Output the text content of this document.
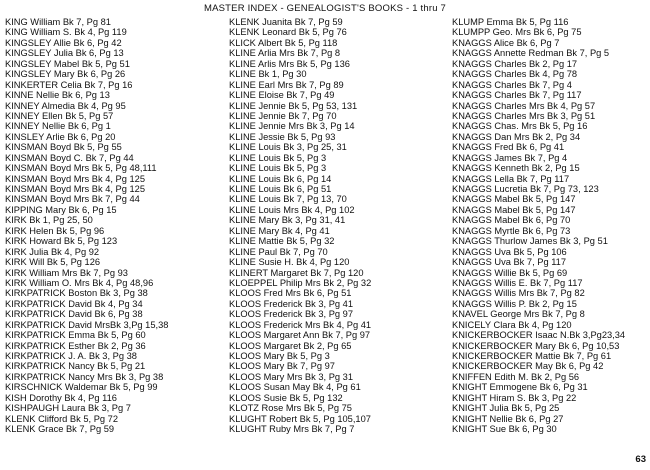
MASTER INDEX - GENEALOGIST'S BOOKS - 1 thru 7
KING William Bk 7, Pg 81
KING William S. Bk 4, Pg 119
KINGSLEY Allie Bk 6, Pg 42
KINGSLEY Julia Bk 6, Pg 13
KINGSLEY Mabel Bk 5, Pg 51
KINGSLEY Mary Bk 6, Pg 26
KINKERTER Celia Bk 7, Pg 16
KINNE Nellie Bk 6, Pg 13
KINNEY Almedia Bk 4, Pg 95
KINNEY Ellen Bk 5, Pg 57
KINNEY Nellie Bk 6, Pg 1
KINSLEY Arlie Bk 6, Pg 20
KINSMAN Boyd Bk 5, Pg 55
KINSMAN Boyd C. Bk 7, Pg 44
KINSMAN Boyd Mrs Bk 5, Pg 48,111
KINSMAN Boyd Mrs Bk 4, Pg 125
KINSMAN Boyd Mrs Bk 4, Pg 125
KINSMAN Boyd Mrs Bk 7, Pg 44
KIPPING Mary Bk 6, Pg 15
KIRK Bk 1, Pg 25, 50
KIRK Helen Bk 5, Pg 96
KIRK Howard Bk 5, Pg 123
KIRK Julia Bk 4, Pg 92
KIRK Will Bk 5, Pg 126
KIRK William Mrs Bk 7, Pg 93
KIRK William O. Mrs Bk 4, Pg 48,96
KIRKPATRICK Boston Bk 3, Pg 38
KIRKPATRICK David Bk 4, Pg 34
KIRKPATRICK David Bk 6, Pg 38
KIRKPATRICK David MrsBk 3,Pg 15,38
KIRKPATRICK Emma Bk 5, Pg 60
KIRKPATRICK Esther Bk 2, Pg 36
KIRKPATRICK J. A. Bk 3, Pg 38
KIRKPATRICK Nancy Bk 5, Pg 21
KIRKPATRICK Nancy Mrs Bk 3, Pg 38
KIRSCHNICK Waldemar Bk 5, Pg 99
KISH Dorothy Bk 4, Pg 116
KISHPAUGH Laura Bk 3, Pg 7
KLENK Clifford Bk 5, Pg 72
KLENK Grace Bk 7, Pg 59
KLENK Juanita Bk 7, Pg 59
KLENK Leonard Bk 5, Pg 76
KLICK Albert Bk 5, Pg 118
KLINE Arlia Mrs Bk 7, Pg 8
KLINE Arlis Mrs Bk 5, Pg 136
KLINE Bk 1, Pg 30
KLINE Earl Mrs Bk 7, Pg 89
KLINE Eloise Bk 7, Pg 49
KLINE Jennie Bk 5, Pg 53, 131
KLINE Jennie Bk 7, Pg 70
KLINE Jennie Mrs Bk 3, Pg 14
KLINE Jessie Bk 5, Pg 93
KLINE Louis Bk 3, Pg 25, 31
KLINE Louis Bk 5, Pg 3
KLINE Louis Bk 5, Pg 3
KLINE Louis Bk 6, Pg 14
KLINE Louis Bk 6, Pg 51
KLINE Louis Bk 7, Pg 13, 70
KLINE Louis Mrs Bk 4, Pg 102
KLINE Mary Bk 3, Pg 31, 41
KLINE Mary Bk 4, Pg 41
KLINE Mattie Bk 5, Pg 32
KLINE Paul Bk 7, Pg 70
KLINE Susie H. Bk 4, Pg 120
KLINERT Margaret Bk 7, Pg 120
KLOEPPEL Philip Mrs Bk 2, Pg 32
KLOOS Fred Mrs Bk 6, Pg 51
KLOOS Frederick Bk 3, Pg 41
KLOOS Frederick Bk 3, Pg 97
KLOOS Frederick Mrs Bk 4, Pg 41
KLOOS Margaret Ann Bk 7, Pg 97
KLOOS Margaret Bk 2, Pg 65
KLOOS Mary Bk 5, Pg 3
KLOOS Mary Bk 7, Pg 97
KLOOS Mary Mrs Bk 3, Pg 31
KLOOS Susan May Bk 4, Pg 61
KLOOS Susie Bk 5, Pg 132
KLOTZ Rose Mrs Bk 5, Pg 75
KLUGHT Robert Bk 5, Pg 105,107
KLUGHT Ruby Mrs Bk 7, Pg 7
KLUMP Emma Bk 5, Pg 116
KLUMPP Geo. Mrs Bk 6, Pg 75
KNAGGS Alice Bk 6, Pg 7
KNAGGS Annette Redman Bk 7, Pg 5
KNAGGS Charles Bk 2, Pg 17
KNAGGS Charles Bk 4, Pg 78
KNAGGS Charles Bk 7, Pg 4
KNAGGS Charles Bk 7, Pg 117
KNAGGS Charles Mrs Bk 4, Pg 57
KNAGGS Charles Mrs Bk 3, Pg 51
KNAGGS Chas. Mrs Bk 5, Pg 16
KNAGGS Dan Mrs Bk 2, Pg 34
KNAGGS Fred Bk 6, Pg 41
KNAGGS James Bk 7, Pg 4
KNAGGS Kenneth Bk 2, Pg 15
KNAGGS Lella Bk 7, Pg 117
KNAGGS Lucretia Bk 7, Pg 73, 123
KNAGGS Mabel Bk 5, Pg 147
KNAGGS Mabel Bk 5, Pg 147
KNAGGS Mabel Bk 6, Pg 70
KNAGGS Myrtle Bk 6, Pg 73
KNAGGS Thurlow James Bk 3, Pg 51
KNAGGS Uva Bk 5, Pg 106
KNAGGS Uva Bk 7, Pg 117
KNAGGS Willie Bk 5, Pg 69
KNAGGS Willis E. Bk 7, Pg 117
KNAGGS Willis Mrs Bk 7, Pg 82
KNAGGS Willis P. Bk 2, Pg 15
KNAVEL George Mrs Bk 7, Pg 8
KNICELY Clara Bk 4, Pg 120
KNICKERBOCKER Isaac N.Bk 3,Pg23,34
KNICKERBOCKER Mary Bk 6, Pg 10,53
KNICKERBOCKER Mattie Bk 7, Pg 61
KNICKERBOCKER May Bk 6, Pg 42
KNIFFEN Edith M. Bk 2, Pg 56
KNIGHT Emmogene Bk 6, Pg 31
KNIGHT Hiram S. Bk 3, Pg 22
KNIGHT Julia Bk 5, Pg 25
KNIGHT Nellie Bk 6, Pg 27
KNIGHT Sue Bk 6, Pg 30
63
